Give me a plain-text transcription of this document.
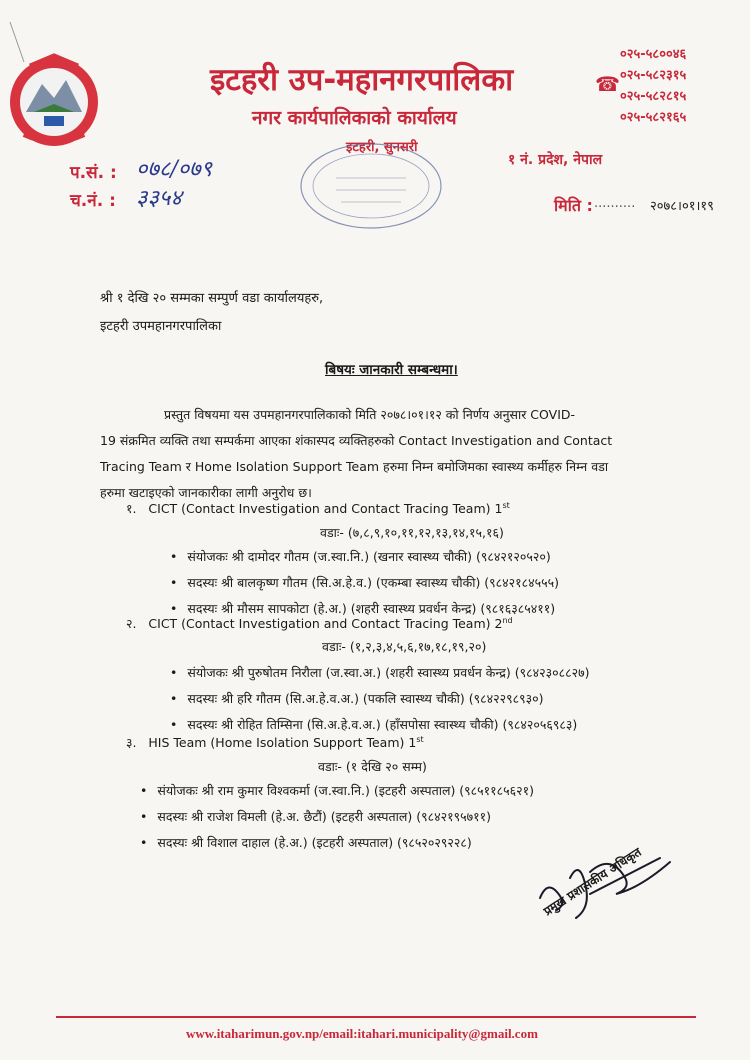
इटहरी उप-महानगरपालिका
नगर कार्यपालिकाको कार्यालय
इटहरी, सुनसरी
१ नं. प्रदेश, नेपाल
☎
०२५-५८००४६
०२५-५८२३१५
०२५-५८२८१५
०२५-५८२१६५
प.सं. : ०७८/०७९
च.नं. : ३३५४	मिति : .......... २०७८।०१।१९
श्री १ देखि २० सम्मका सम्पुर्ण वडा कार्यालयहरु,
इटहरी उपमहानगरपालिका
बिषयः जानकारी सम्बन्धमा।
प्रस्तुत विषयमा यस उपमहानगरपालिकाको मिति २०७८।०१।१२ को निर्णय अनुसार COVID-
19 संक्रमित व्यक्ति तथा सम्पर्कमा आएका शंकास्पद व्यक्तिहरुको Contact Investigation and Contact
Tracing Team र Home Isolation Support Team हरुमा निम्न बमोजिमका स्वास्थ्य कर्मीहरु निम्न वडा
हरुमा खटाइएको जानकारीका लागी अनुरोध छ।
१. CICT (Contact Investigation and Contact Tracing Team) 1st
वडाः- (७,८,९,१०,११,१२,१३,१४,१५,१६)
• संयोजकः श्री दामोदर गौतम (ज.स्वा.नि.) (खनार स्वास्थ्य चौकी) (९८४२१२०५२०)
• सदस्यः श्री बालकृष्ण गौतम (सि.अ.हे.व.) (एकम्बा स्वास्थ्य चौकी) (९८४२१८४५५५)
• सदस्यः श्री मौसम सापकोटा (हे.अ.) (शहरी स्वास्थ्य प्रवर्धन केन्द्र) (९८१६३८५४११)
२. CICT (Contact Investigation and Contact Tracing Team) 2nd
वडाः- (१,२,३,४,५,६,१७,१८,१९,२०)
• संयोजकः श्री पुरुषोतम निरौला (ज.स्वा.अ.) (शहरी स्वास्थ्य प्रवर्धन केन्द्र) (९८४२३०८८२७)
• सदस्यः श्री हरि गौतम (सि.अ.हे.व.अ.) (पकलि स्वास्थ्य चौकी) (९८४२२९८९३०)
• सदस्यः श्री रोहित तिम्सिना (सि.अ.हे.व.अ.) (हाँसपोसा स्वास्थ्य चौकी) (९८४२०५६९८३)
३. HIS Team (Home Isolation Support Team) 1st
वडाः- (१ देखि २० सम्म)
• संयोजकः श्री राम कुमार विश्वकर्मा (ज.स्वा.नि.) (इटहरी अस्पताल) (९८५११८५६२१)
• सदस्यः श्री राजेश विमली (हे.अ. छैटौं) (इटहरी अस्पताल) (९८४२१९५७११)
• सदस्यः श्री विशाल दाहाल (हे.अ.) (इटहरी अस्पताल) (९८५२०२९२२८)
प्रमुख प्रशासकीय अधिकृत
www.itaharimun.gov.np/email:itahari.municipality@gmail.com
